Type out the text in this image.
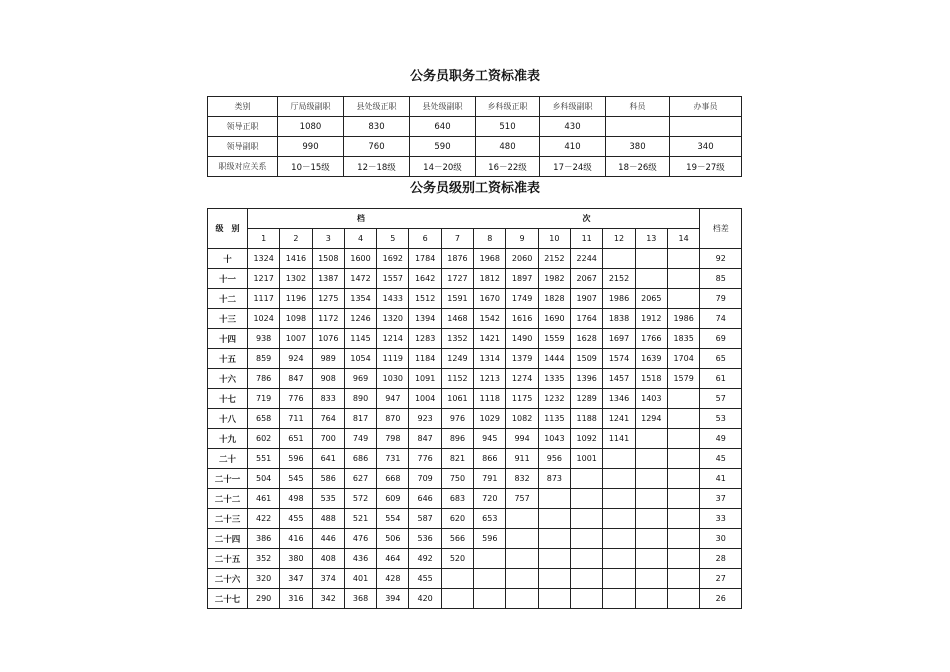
公务员职务工资标准表
类别	厅局级副职	县处级正职	县处级副职	乡科级正职	乡科级副职	科员	办事员
领导正职	1080	830	640	510	430		
领导副职	990	760	590	480	410	380	340
职级对应关系	10－15级	12－18级	14－20级	16－22级	17－24级	18－26级	19－27级
公务员级别工资标准表
级　别	档							次							档差
	1	2	3	4	5	6	7	8	9	10	11	12	13	14	
十	1324	1416	1508	1600	1692	1784	1876	1968	2060	2152	2244				92
十一	1217	1302	1387	1472	1557	1642	1727	1812	1897	1982	2067	2152			85
十二	1117	1196	1275	1354	1433	1512	1591	1670	1749	1828	1907	1986	2065		79
十三	1024	1098	1172	1246	1320	1394	1468	1542	1616	1690	1764	1838	1912	1986	74
十四	938	1007	1076	1145	1214	1283	1352	1421	1490	1559	1628	1697	1766	1835	69
十五	859	924	989	1054	1119	1184	1249	1314	1379	1444	1509	1574	1639	1704	65
十六	786	847	908	969	1030	1091	1152	1213	1274	1335	1396	1457	1518	1579	61
十七	719	776	833	890	947	1004	1061	1118	1175	1232	1289	1346	1403		57
十八	658	711	764	817	870	923	976	1029	1082	1135	1188	1241	1294		53
十九	602	651	700	749	798	847	896	945	994	1043	1092	1141			49
二十	551	596	641	686	731	776	821	866	911	956	1001				45
二十一	504	545	586	627	668	709	750	791	832	873					41
二十二	461	498	535	572	609	646	683	720	757						37
二十三	422	455	488	521	554	587	620	653							33
二十四	386	416	446	476	506	536	566	596							30
二十五	352	380	408	436	464	492	520								28
二十六	320	347	374	401	428	455									27
二十七	290	316	342	368	394	420									26
